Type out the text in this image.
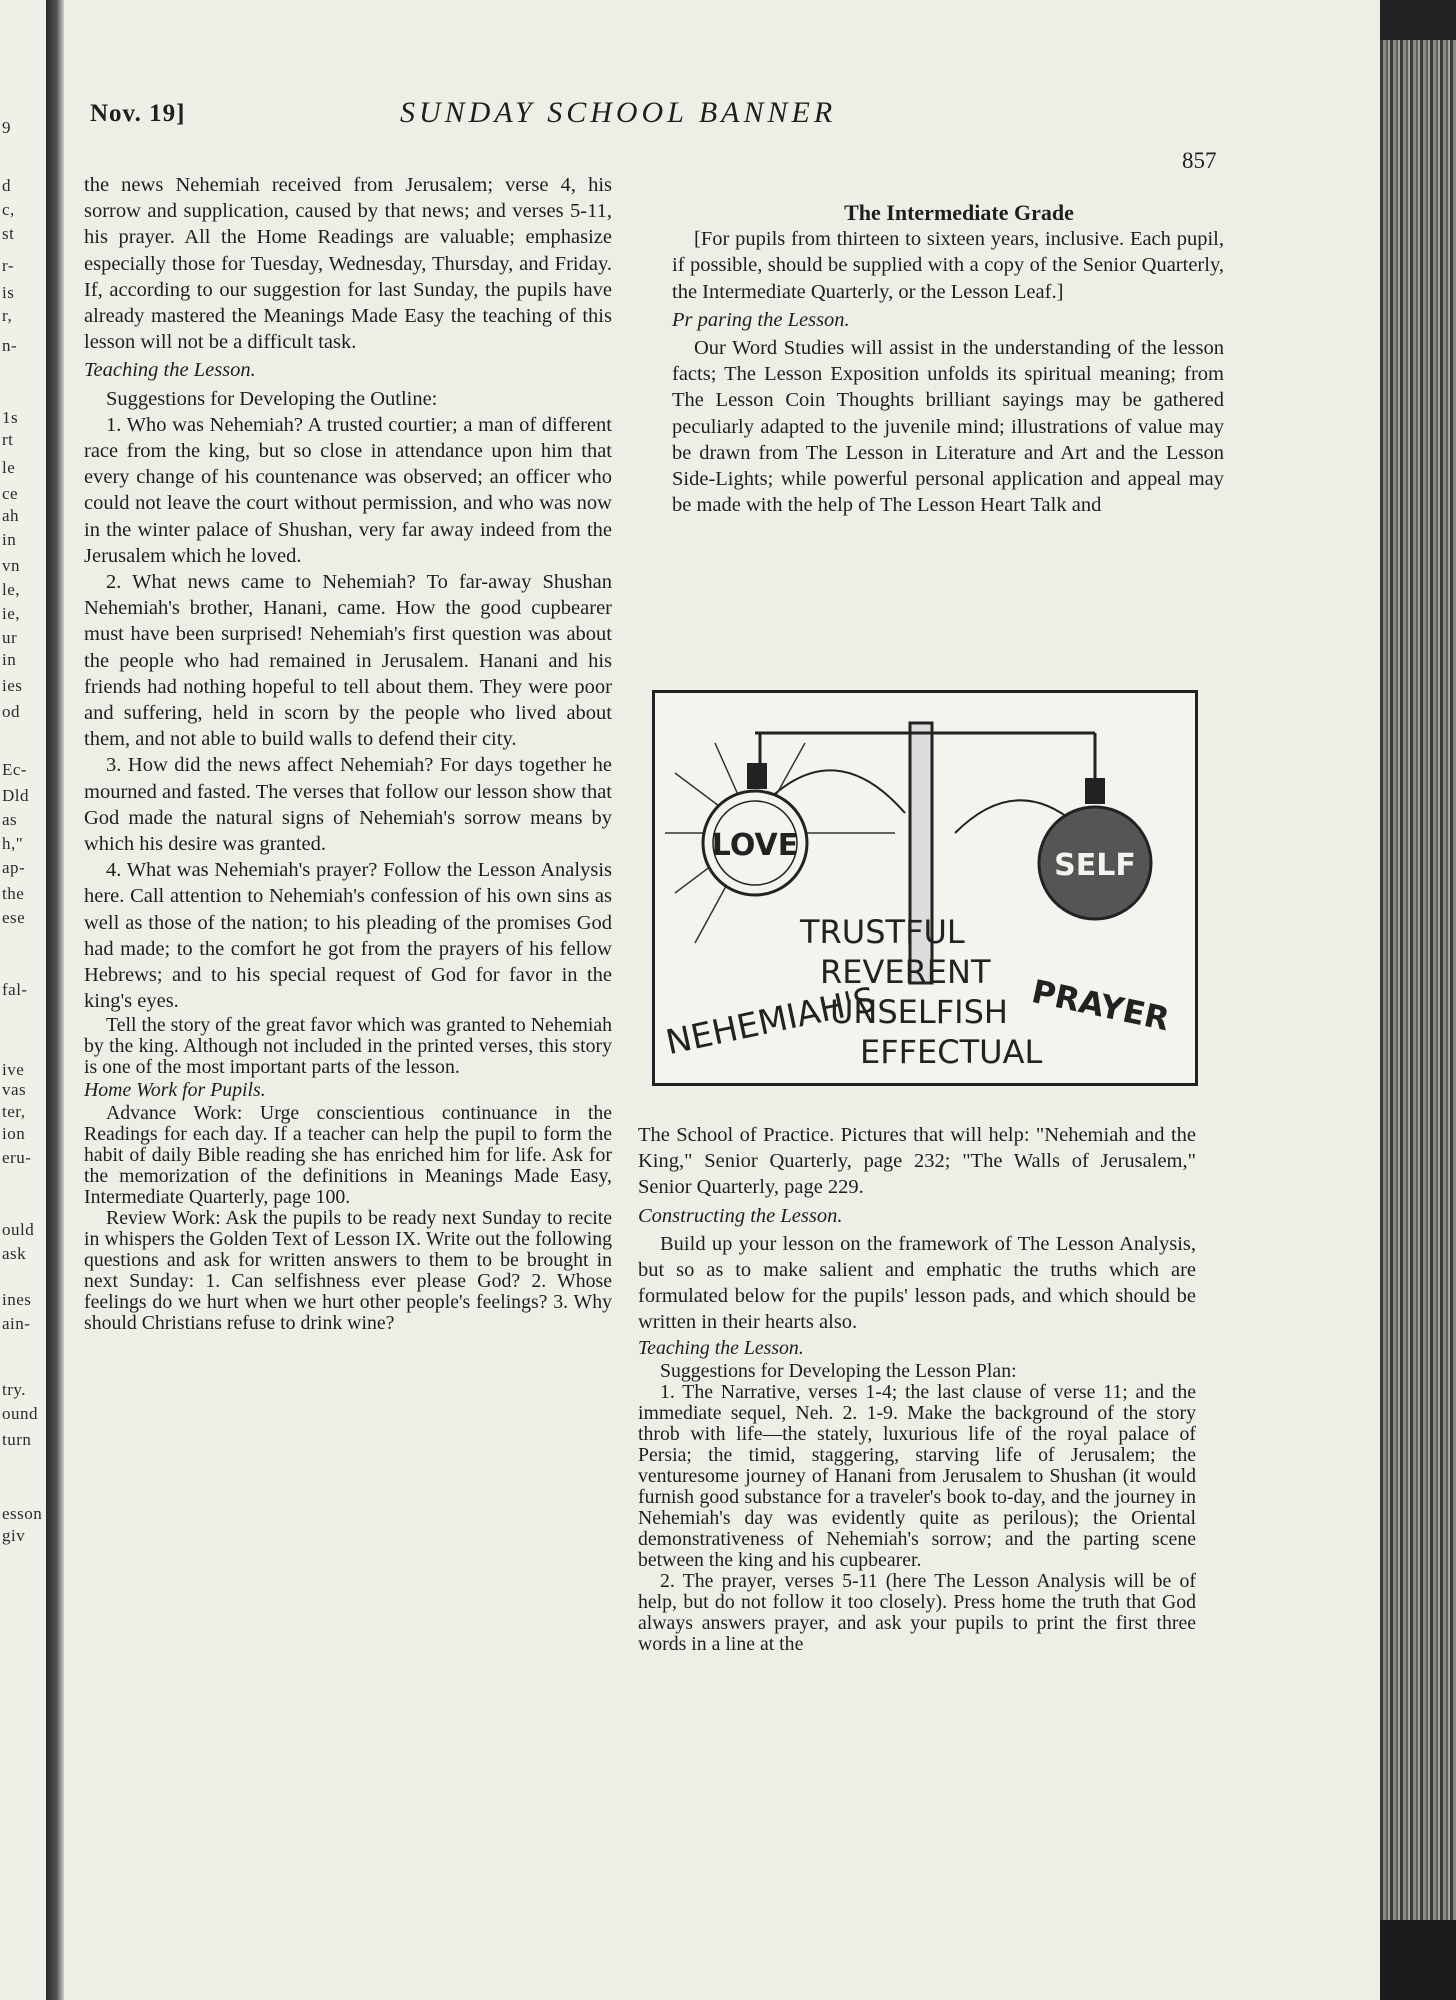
9
d
c,
st
r-
is
r,
n-
1s
rt
le
ce
ah
in
vn
le,
ie,
ur
in
ies
od
Ec-
Dld
as
h,"
ap-
the
ese
fal-
ive
vas
ter,
ion
eru-
ould
ask
ines
ain-
try.
ound
turn
esson
giv
Nov. 19]	SUNDAY SCHOOL BANNER
857

the news Nehemiah received from Jerusalem; verse 4, his sorrow and supplication, caused by that news; and verses 5-11, his prayer. All the Home Readings are valuable; emphasize especially those for Tuesday, Wednesday, Thursday, and Friday. If, according to our suggestion for last Sunday, the pupils have already mastered the Meanings Made Easy the teaching of this lesson will not be a difficult task.

Teaching the Lesson.

Suggestions for Developing the Outline:

1. Who was Nehemiah? A trusted courtier; a man of different race from the king, but so close in attendance upon him that every change of his countenance was observed; an officer who could not leave the court without permission, and who was now in the winter palace of Shushan, very far away indeed from the Jerusalem which he loved.

2. What news came to Nehemiah? To far-away Shushan Nehemiah's brother, Hanani, came. How the good cupbearer must have been surprised! Nehemiah's first question was about the people who had remained in Jerusalem. Hanani and his friends had nothing hopeful to tell about them. They were poor and suffering, held in scorn by the people who lived about them, and not able to build walls to defend their city.

3. How did the news affect Nehemiah? For days together he mourned and fasted. The verses that follow our lesson show that God made the natural signs of Nehemiah's sorrow means by which his desire was granted.

4. What was Nehemiah's prayer? Follow the Lesson Analysis here. Call attention to Nehemiah's confession of his own sins as well as those of the nation; to his pleading of the promises God had made; to the comfort he got from the prayers of his fellow Hebrews; and to his special request of God for favor in the king's eyes.

Tell the story of the great favor which was granted to Nehemiah by the king. Although not included in the printed verses, this story is one of the most important parts of the lesson.

Home Work for Pupils.

Advance Work: Urge conscientious continuance in the Readings for each day. If a teacher can help the pupil to form the habit of daily Bible reading she has enriched him for life. Ask for the memorization of the definitions in Meanings Made Easy, Intermediate Quarterly, page 100.

Review Work: Ask the pupils to be ready next Sunday to recite in whispers the Golden Text of Lesson IX. Write out the following questions and ask for written answers to them to be brought in next Sunday: 1. Can selfishness ever please God? 2. Whose feelings do we hurt when we hurt other people's feelings? 3. Why should Christians refuse to drink wine?

The Intermediate Grade

[For pupils from thirteen to sixteen years, inclusive. Each pupil, if possible, should be supplied with a copy of the Senior Quarterly, the Intermediate Quarterly, or the Lesson Leaf.]

Pr paring the Lesson.

Our Word Studies will assist in the understanding of the lesson facts; The Lesson Exposition unfolds its spiritual meaning; from The Lesson Coin Thoughts brilliant sayings may be gathered peculiarly adapted to the juvenile mind; illustrations of value may be drawn from The Lesson in Literature and Art and the Lesson Side-Lights; while powerful personal application and appeal may be made with the help of The Lesson Heart Talk and

LOVE
SELF
TRUSTFUL
REVERENT
PRAYER
NEHEMIAH'S
UNSELFISH
EFFECTUAL

The School of Practice. Pictures that will help: "Nehemiah and the King," Senior Quarterly, page 232; "The Walls of Jerusalem," Senior Quarterly, page 229.

Constructing the Lesson.

Build up your lesson on the framework of The Lesson Analysis, but so as to make salient and emphatic the truths which are formulated below for the pupils' lesson pads, and which should be written in their hearts also.

Teaching the Lesson.

Suggestions for Developing the Lesson Plan:

1. The Narrative, verses 1-4; the last clause of verse 11; and the immediate sequel, Neh. 2. 1-9. Make the background of the story throb with life—the stately, luxurious life of the royal palace of Persia; the timid, staggering, starving life of Jerusalem; the venturesome journey of Hanani from Jerusalem to Shushan (it would furnish good substance for a traveler's book to-day, and the journey in Nehemiah's day was evidently quite as perilous); the Oriental demonstrativeness of Nehemiah's sorrow; and the parting scene between the king and his cupbearer.

2. The prayer, verses 5-11 (here The Lesson Analysis will be of help, but do not follow it too closely). Press home the truth that God always answers prayer, and ask your pupils to print the first three words in a line at the
